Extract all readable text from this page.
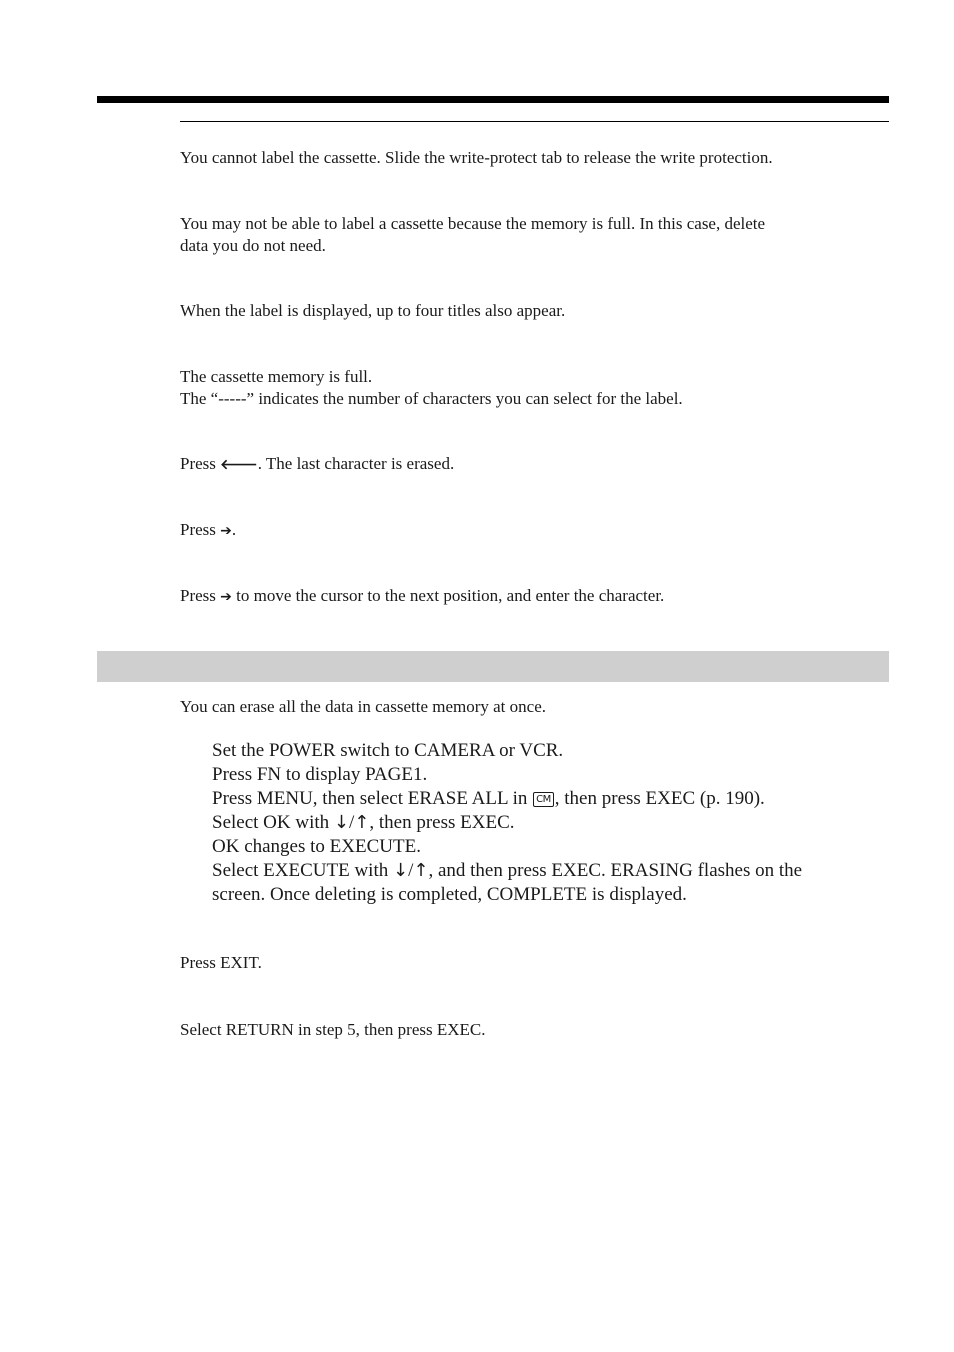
You cannot label the cassette. Slide the write-protect tab to release the write protection.

You may not be able to label a cassette because the memory is full. In this case, delete
data you do not need.

When the label is displayed, up to four titles also appear.

The cassette memory is full.
The “-----” indicates the number of characters you can select for the label.

Press 🡐. The last character is erased.

Press ➔.

Press ➔ to move the cursor to the next position, and enter the character.

You can erase all the data in cassette memory at once.

Set the POWER switch to CAMERA or VCR.
Press FN to display PAGE1.
Press MENU, then select ERASE ALL in CM , then press EXEC (p. 190).
Select OK with ↓/↑, then press EXEC.
OK changes to EXECUTE.
Select EXECUTE with ↓/↑, and then press EXEC. ERASING flashes on the
screen. Once deleting is completed, COMPLETE is displayed.

Press EXIT.

Select RETURN in step 5, then press EXEC.
